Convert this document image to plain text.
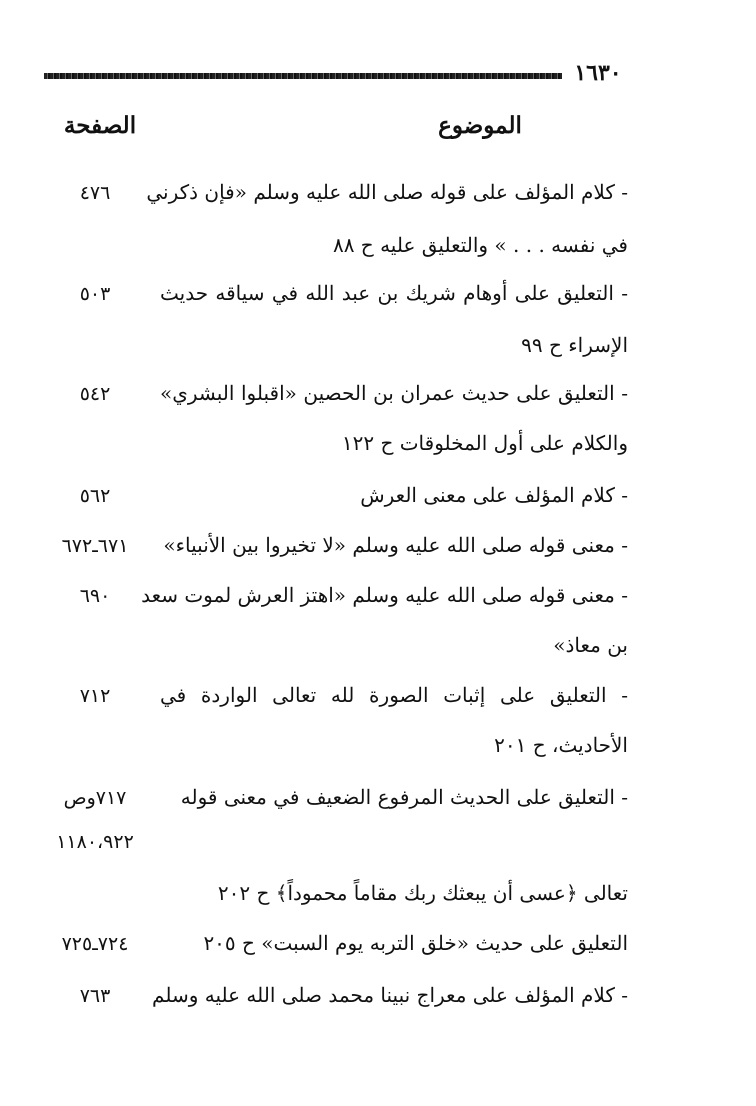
١٦٣٠
الصفحة	الموضوع
- كلام المؤلف على قوله صلى الله عليه وسلم «فإن ذكرني
٤٧٦
في نفسه . . . » والتعليق عليه ح ٨٨
- التعليق على أوهام شريك بن عبد الله في سياقه حديث
٥٠٣
الإسراء ح ٩٩
- التعليق على حديث عمران بن الحصين «اقبلوا البشري»
٥٤٢
والكلام على أول المخلوقات ح ١٢٢
- كلام المؤلف على معنى العرش
٥٦٢
- معنى قوله صلى الله عليه وسلم «لا تخيروا بين الأنبياء»
٦٧١ـ٦٧٢
- معنى قوله صلى الله عليه وسلم «اهتز العرش لموت سعد
٦٩٠
بن معاذ»
- التعليق على إثبات الصورة لله تعالى الواردة في
٧١٢
الأحاديث، ح ٢٠١
- التعليق على الحديث المرفوع الضعيف في معنى قوله
٧١٧وص
١١٨٠،٩٢٢
تعالى ﴿عسى أن يبعثك ربك مقاماً محموداً﴾ ح ٢٠٢
التعليق على حديث «خلق التربه يوم السبت» ح ٢٠٥
٧٢٤ـ٧٢٥
- كلام المؤلف على معراج نبينا محمد صلى الله عليه وسلم
٧٦٣
